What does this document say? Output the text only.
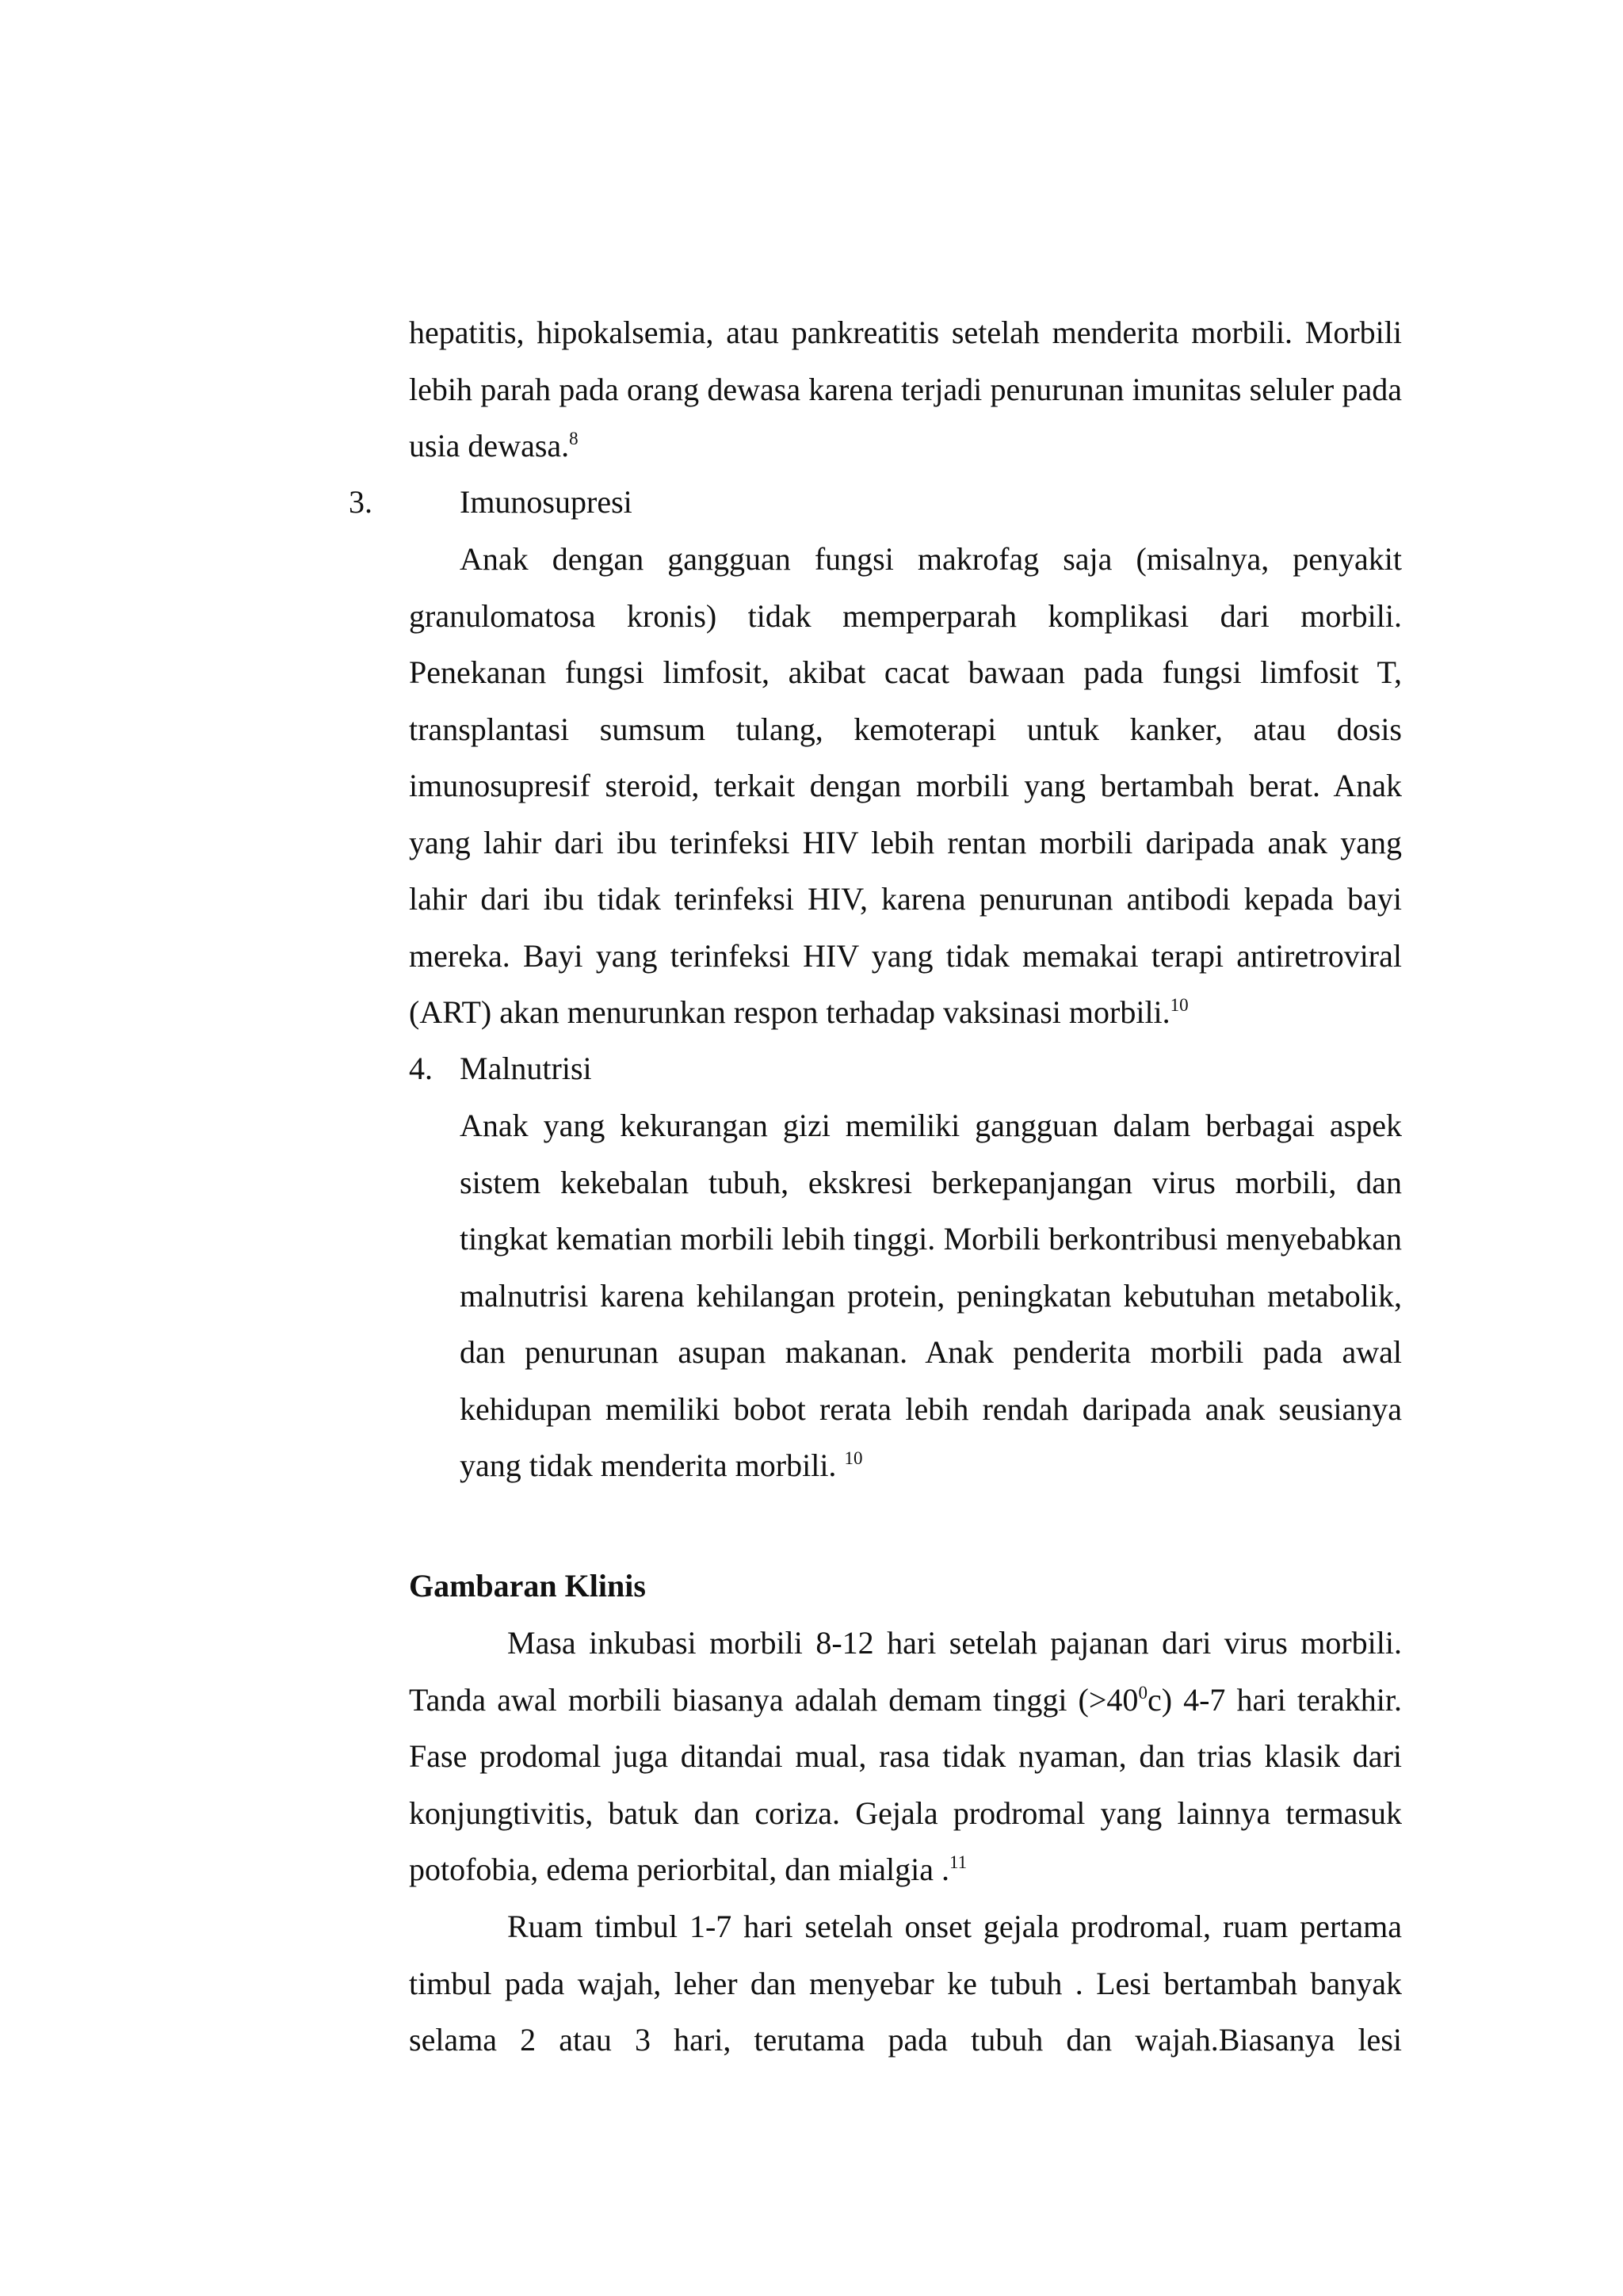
hepatitis, hipokalsemia, atau pankreatitis setelah menderita morbili. Morbili lebih parah pada orang dewasa karena terjadi penurunan imunitas seluler pada usia dewasa.$^8$

3.	Imunosupresi

Anak dengan gangguan fungsi makrofag saja (misalnya, penyakit granulomatosa kronis) tidak memperparah komplikasi dari morbili. Penekanan fungsi limfosit, akibat cacat bawaan pada fungsi limfosit T, transplantasi sumsum tulang, kemoterapi untuk kanker, atau dosis imunosupresif steroid, terkait dengan morbili yang bertambah berat. Anak yang lahir dari ibu terinfeksi HIV lebih rentan morbili daripada anak yang lahir dari ibu tidak terinfeksi HIV, karena penurunan antibodi kepada bayi mereka. Bayi yang terinfeksi HIV yang tidak memakai terapi antiretroviral (ART) akan menurunkan respon terhadap vaksinasi morbili.$^{10}$

4. Malnutrisi

Anak yang kekurangan gizi memiliki gangguan dalam berbagai aspek sistem kekebalan tubuh, ekskresi berkepanjangan virus morbili, dan tingkat kematian morbili lebih tinggi. Morbili berkontribusi menyebabkan malnutrisi karena kehilangan protein, peningkatan kebutuhan metabolik, dan penurunan asupan makanan. Anak penderita morbili pada awal kehidupan memiliki bobot rerata lebih rendah daripada anak seusianya yang tidak menderita morbili. $^{10}$

Gambaran Klinis

Masa inkubasi morbili 8-12 hari setelah pajanan dari virus morbili. Tanda awal morbili biasanya adalah demam tinggi $(>40^0c)$ 4-7 hari terakhir. Fase prodomal juga ditandai mual, rasa tidak nyaman, dan trias klasik dari konjungtivitis, batuk dan coriza. Gejala prodromal yang lainnya termasuk potofobia, edema periorbital, dan mialgia .$^{11}$

Ruam timbul 1-7 hari setelah onset gejala prodromal, ruam pertama timbul pada wajah, leher dan menyebar ke tubuh . Lesi bertambah banyak selama 2 atau 3 hari, terutama pada tubuh dan wajah.Biasanya lesi
